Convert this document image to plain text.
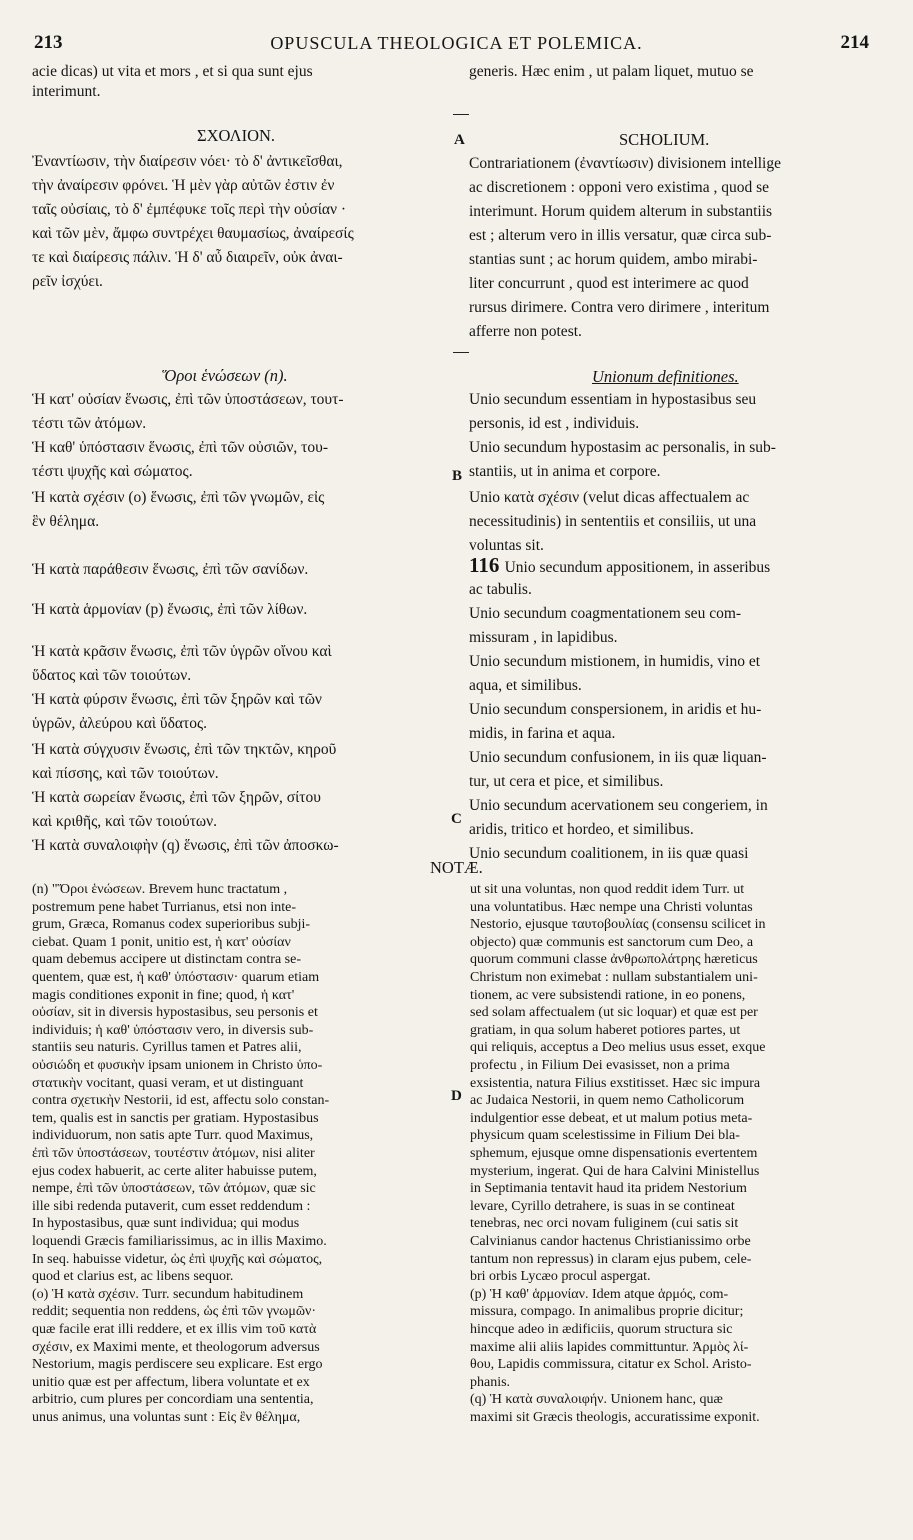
213	OPUSCULA THEOLOGICA ET POLEMICA.	214
acie dicas) ut vita et mors , et si qua sunt ejus
interimunt.
generis. Hæc enim , ut palam liquet, mutuo se
A
B
C
D
ΣΧΟΛΙΟΝ.	SCHOLIUM.
Ἐναντίωσιν, τὴν διαίρεσιν νόει· τὸ δ' ἀντικεῖσθαι,
τὴν ἀναίρεσιν φρόνει. Ἡ μὲν γὰρ αὐτῶν ἐστιν ἐν
ταῖς οὐσίαις, τὸ δ' ἐμπέφυκε τοῖς περὶ τὴν οὐσίαν ·
καὶ τῶν μὲν, ἄμφω συντρέχει θαυμασίως, ἀναίρεσίς
τε καὶ διαίρεσις πάλιν. Ἡ δ' αὖ διαιρεῖν, οὐκ ἀναι-
ρεῖν ἰσχύει.
Contrariationem (ἐναντίωσιν) divisionem intellige
ac discretionem : opponi vero existima , quod se
interimunt. Horum quidem alterum in substantiis
est ; alterum vero in illis versatur, quæ circa sub-
stantias sunt ; ac horum quidem, ambo mirabi-
liter concurrunt , quod est interimere ac quod
rursus dirimere. Contra vero dirimere , interitum
afferre non potest.
Ὅροι ἑνώσεων (n).	Unionum definitiones.
Ἡ κατ' οὐσίαν ἕνωσις, ἐπὶ τῶν ὑποστάσεων, τουτ-
τέστι τῶν ἀτόμων.
Ἡ καθ' ὑπόστασιν ἕνωσις, ἐπὶ τῶν οὐσιῶν, του-
τέστι ψυχῆς καὶ σώματος.
Ἡ κατὰ σχέσιν (o) ἕνωσις, ἐπὶ τῶν γνωμῶν, εἰς
ἓν θέλημα.
Ἡ κατὰ παράθεσιν ἕνωσις, ἐπὶ τῶν σανίδων.
Ἡ κατὰ ἁρμονίαν (p) ἕνωσις, ἐπὶ τῶν λίθων.
Ἡ κατὰ κρᾶσιν ἕνωσις, ἐπὶ τῶν ὑγρῶν οἴνου καὶ
ὕδατος καὶ τῶν τοιούτων.
Ἡ κατὰ φύρσιν ἕνωσις, ἐπὶ τῶν ξηρῶν καὶ τῶν
ὑγρῶν, ἀλεύρου καὶ ὕδατος.
Ἡ κατὰ σύγχυσιν ἕνωσις, ἐπὶ τῶν τηκτῶν, κηροῦ
καὶ πίσσης, καὶ τῶν τοιούτων.
Ἡ κατὰ σωρείαν ἕνωσις, ἐπὶ τῶν ξηρῶν, σίτου
καὶ κριθῆς, καὶ τῶν τοιούτων.
Ἡ κατὰ συναλοιφὴν (q) ἕνωσις, ἐπὶ τῶν ἀποσκω-
Unio secundum essentiam in hypostasibus seu
personis, id est , individuis.
Unio secundum hypostasim ac personalis, in sub-
stantiis, ut in anima et corpore.
Unio κατὰ σχέσιν (velut dicas affectualem ac
necessitudinis) in sententiis et consiliis, ut una
voluntas sit.
116 Unio secundum appositionem, in asseribus
ac tabulis.
Unio secundum coagmentationem seu com-
missuram , in lapidibus.
Unio secundum mistionem, in humidis, vino et
aqua, et similibus.
Unio secundum conspersionem, in aridis et hu-
midis, in farina et aqua.
Unio secundum confusionem, in iis quæ liquan-
tur, ut cera et pice, et similibus.
Unio secundum acervationem seu congeriem, in
aridis, tritico et hordeo, et similibus.
Unio secundum coalitionem, in iis quæ quasi
NOTÆ.
(n) "Ὅροι ἑνώσεων. Brevem hunc tractatum ,
postremum pene habet Turrianus, etsi non inte-
grum, Græca, Romanus codex superioribus subji-
ciebat. Quam 1 ponit, unitio est, ἡ κατ' οὐσίαν
quam debemus accipere ut distinctam contra se-
quentem, quæ est, ἡ καθ' ὑπόστασιν· quarum etiam
magis conditiones exponit in fine; quod, ἡ κατ'
οὐσίαν, sit in diversis hypostasibus, seu personis et
individuis; ἡ καθ' ὑπόστασιν vero, in diversis sub-
stantiis seu naturis. Cyrillus tamen et Patres alii,
οὐσιώδη et φυσικὴν ipsam unionem in Christo ὑπο-
στατικὴν vocitant, quasi veram, et ut distinguant
contra σχετικὴν Nestorii, id est, affectu solo constan-
tem, qualis est in sanctis per gratiam. Hypostasibus
individuorum, non satis apte Turr. quod Maximus,
ἐπὶ τῶν ὑποστάσεων, τουτέστιν ἀτόμων, nisi aliter
ejus codex habuerit, ac certe aliter habuisse putem,
nempe, ἐπὶ τῶν ὑποστάσεων, τῶν ἀτόμων, quæ sic
ille sibi redenda putaverit, cum esset reddendum :
In hypostasibus, quæ sunt individua; qui modus
loquendi Græcis familiarissimus, ac in illis Maximo.
In seq. habuisse videtur, ὡς ἐπὶ ψυχῆς καὶ σώματος,
quod et clarius est, ac libens sequor.
(o) Ἡ κατὰ σχέσιν. Turr. secundum habitudinem
reddit; sequentia non reddens, ὡς ἐπὶ τῶν γνωμῶν·
quæ facile erat illi reddere, et ex illis vim τοῦ κατὰ
σχέσιν, ex Maximi mente, et theologorum adversus
Nestorium, magis perdiscere seu explicare. Est ergo
unitio quæ est per affectum, libera voluntate et ex
arbitrio, cum plures per concordiam una sententia,
unus animus, una voluntas sunt : Εἰς ἓν θέλημα,
ut sit una voluntas, non quod reddit idem Turr. ut
una voluntatibus. Hæc nempe una Christi voluntas
Nestorio, ejusque ταυτοβουλίας (consensu scilicet in
objecto) quæ communis est sanctorum cum Deo, a
quorum communi classe ἀνθρωπολάτρης hæreticus
Christum non eximebat : nullam substantialem uni-
tionem, ac vere subsistendi ratione, in eo ponens,
sed solam affectualem (ut sic loquar) et quæ est per
gratiam, in qua solum haberet potiores partes, ut
qui reliquis, acceptus a Deo melius usus esset, exque
profectu , in Filium Dei evasisset, non a prima
exsistentia, natura Filius exstitisset. Hæc sic impura
ac Judaica Nestorii, in quem nemo Catholicorum
indulgentior esse debeat, et ut malum potius meta-
physicum quam scelestissime in Filium Dei bla-
sphemum, ejusque omne dispensationis evertentem
mysterium, ingerat. Qui de hara Calvini Ministellus
in Septimania tentavit haud ita pridem Nestorium
levare, Cyrillo detrahere, is suas in se contineat
tenebras, nec orci novam fuliginem (cui satis sit
Calvinianus candor hactenus Christianissimo orbe
tantum non repressus) in claram ejus pubem, cele-
bri orbis Lycæo procul aspergat.
(p) Ἡ καθ' ἁρμονίαν. Idem atque ἁρμός, com-
missura, compago. In animalibus proprie dicitur;
hincque adeo in ædificiis, quorum structura sic
maxime alii aliis lapides committuntur. Ἁρμὸς λί-
θου, Lapidis commissura, citatur ex Schol. Aristo-
phanis.
(q) Ἡ κατὰ συναλοιφήν. Unionem hanc, quæ
maximi sit Græcis theologis, accuratissime exponit.
